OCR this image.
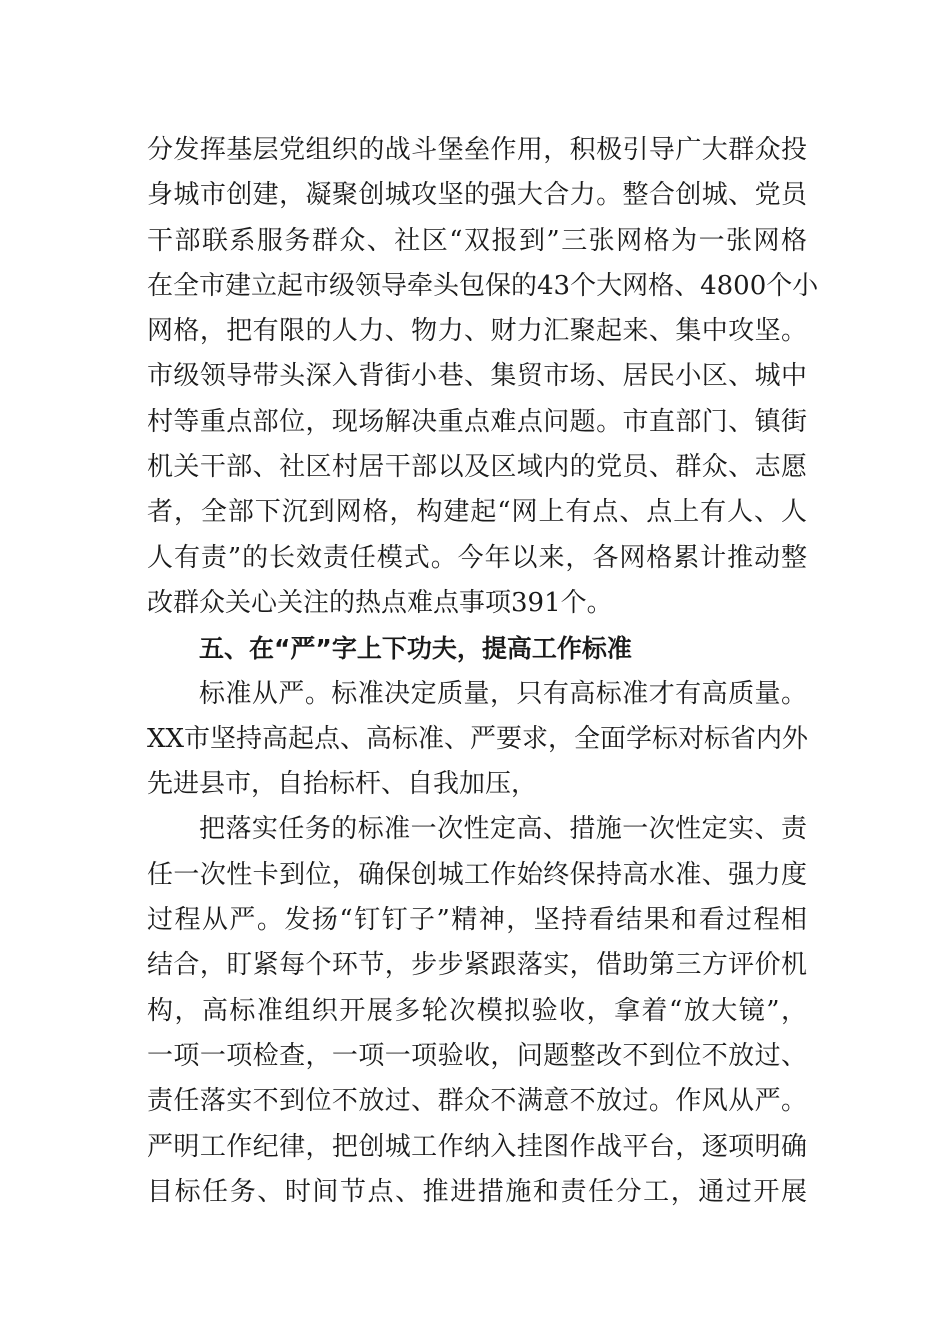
分发挥基层党组织的战斗堡垒作用，积极引导广大群众投
身城市创建，凝聚创城攻坚的强大合力。整合创城、党员
干部联系服务群众、社区“双报到”三张网格为一张网格
在全市建立起市级领导牵头包保的43个大网格、4800个小
网格，把有限的人力、物力、财力汇聚起来、集中攻坚。
市级领导带头深入背街小巷、集贸市场、居民小区、城中
村等重点部位，现场解决重点难点问题。市直部门、镇街
机关干部、社区村居干部以及区域内的党员、群众、志愿
者，全部下沉到网格，构建起“网上有点、点上有人、人
人有责”的长效责任模式。今年以来，各网格累计推动整
改群众关心关注的热点难点事项391个。
五、在“严”字上下功夫，提高工作标准
标准从严。标准决定质量，只有高标准才有高质量。
XX市坚持高起点、高标准、严要求，全面学标对标省内外
先进县市，自抬标杆、自我加压，
把落实任务的标准一次性定高、措施一次性定实、责
任一次性卡到位，确保创城工作始终保持高水准、强力度
过程从严。发扬“钉钉子”精神，坚持看结果和看过程相
结合，盯紧每个环节，步步紧跟落实，借助第三方评价机
构，高标准组织开展多轮次模拟验收，拿着“放大镜”，
一项一项检查，一项一项验收，问题整改不到位不放过、
责任落实不到位不放过、群众不满意不放过。作风从严。
严明工作纪律，把创城工作纳入挂图作战平台，逐项明确
目标任务、时间节点、推进措施和责任分工，通过开展
